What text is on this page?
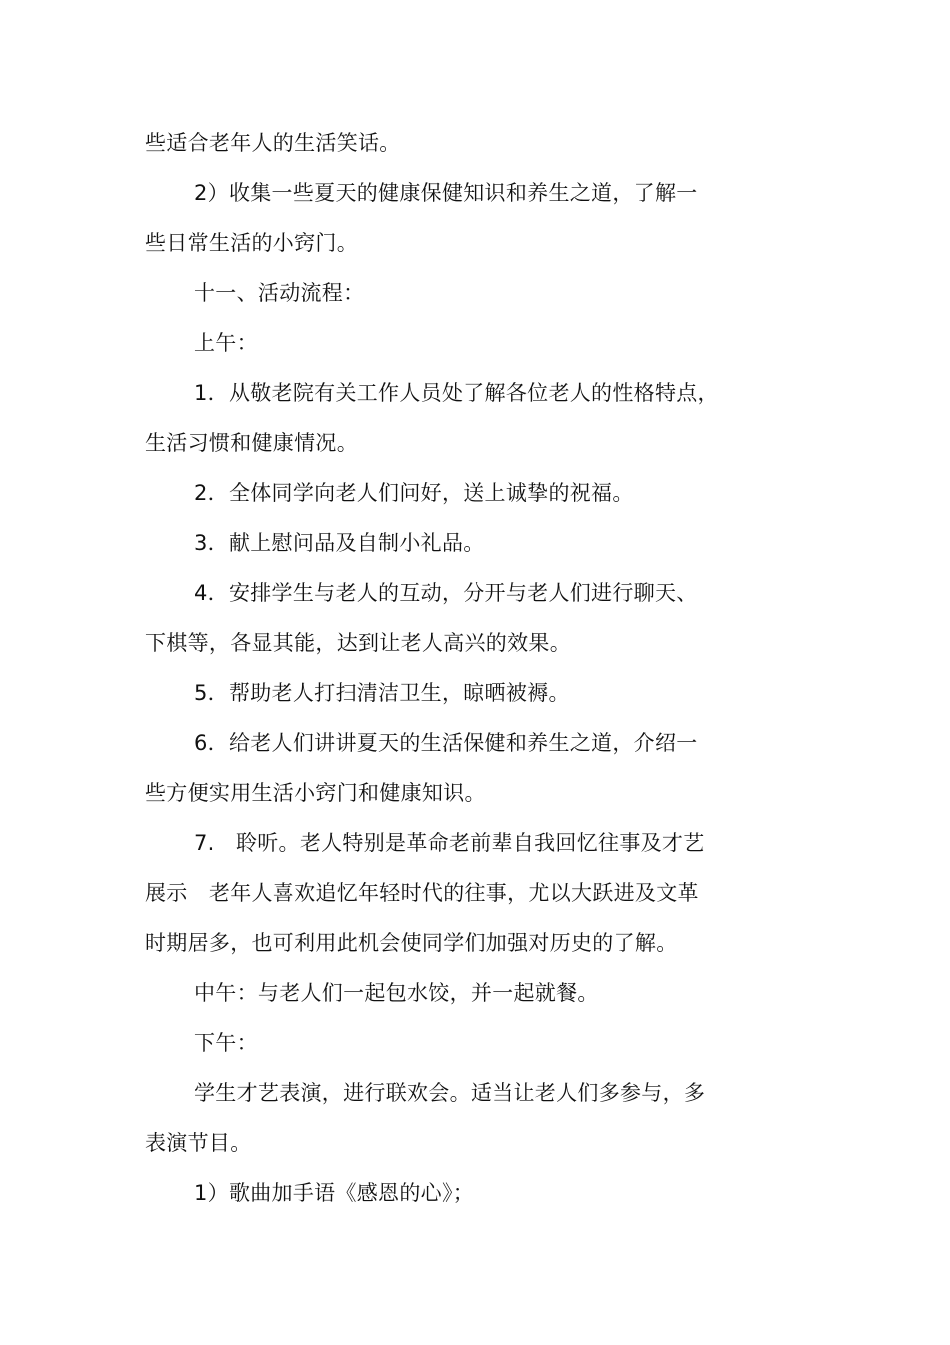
些适合老年人的生活笑话。
2）收集一些夏天的健康保健知识和养生之道，了解一
些日常生活的小窍门。
十一、活动流程：
上午：
1．从敬老院有关工作人员处了解各位老人的性格特点，
生活习惯和健康情况。
2．全体同学向老人们问好，送上诚挚的祝福。
3．献上慰问品及自制小礼品。
4．安排学生与老人的互动，分开与老人们进行聊天、
下棋等，各显其能，达到让老人高兴的效果。
5．帮助老人打扫清洁卫生，晾晒被褥。
6．给老人们讲讲夏天的生活保健和养生之道，介绍一
些方便实用生活小窍门和健康知识。
7.　聆听。老人特别是革命老前辈自我回忆往事及才艺
展示　老年人喜欢追忆年轻时代的往事，尤以大跃进及文革
时期居多，也可利用此机会使同学们加强对历史的了解。
中午：与老人们一起包水饺，并一起就餐。
下午：
学生才艺表演，进行联欢会。适当让老人们多参与，多
表演节目。
1）歌曲加手语《感恩的心》；
